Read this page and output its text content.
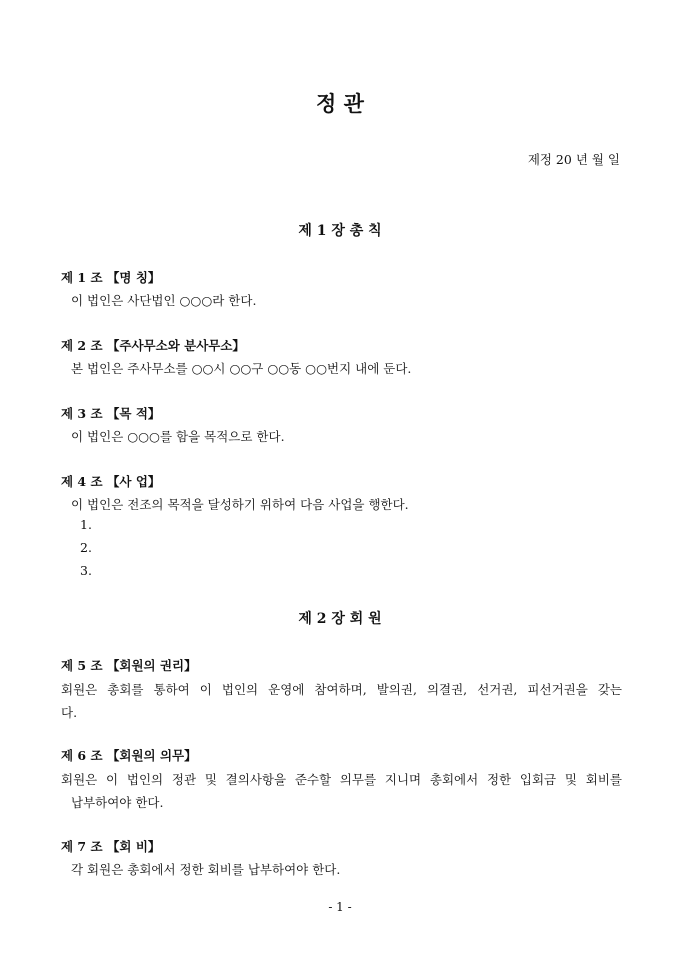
정 관
제정 20 년 월 일
제 1 장 총 칙
제 1 조 【명 칭】
이 법인은 사단법인 ○○○라 한다.
제 2 조 【주사무소와 분사무소】
본 법인은 주사무소를 ○○시 ○○구 ○○동 ○○번지 내에 둔다.
제 3 조 【목 적】
이 법인은 ○○○를 함을 목적으로 한다.
제 4 조 【사 업】
이 법인은 전조의 목적을 달성하기 위하여 다음 사업을 행한다.
1.
2.
3.
제 2 장 회 원
제 5 조 【회원의 권리】
회원은 총회를 통하여 이 법인의 운영에 참여하며, 발의권, 의결권, 선거권, 피선거권을 갖는
다.
제 6 조 【회원의 의무】
회원은 이 법인의 정관 및 결의사항을 준수할 의무를 지니며 총회에서 정한 입회금 및 회비를
납부하여야 한다.
제 7 조 【회 비】
각 회원은 총회에서 정한 회비를 납부하여야 한다.
- 1 -
